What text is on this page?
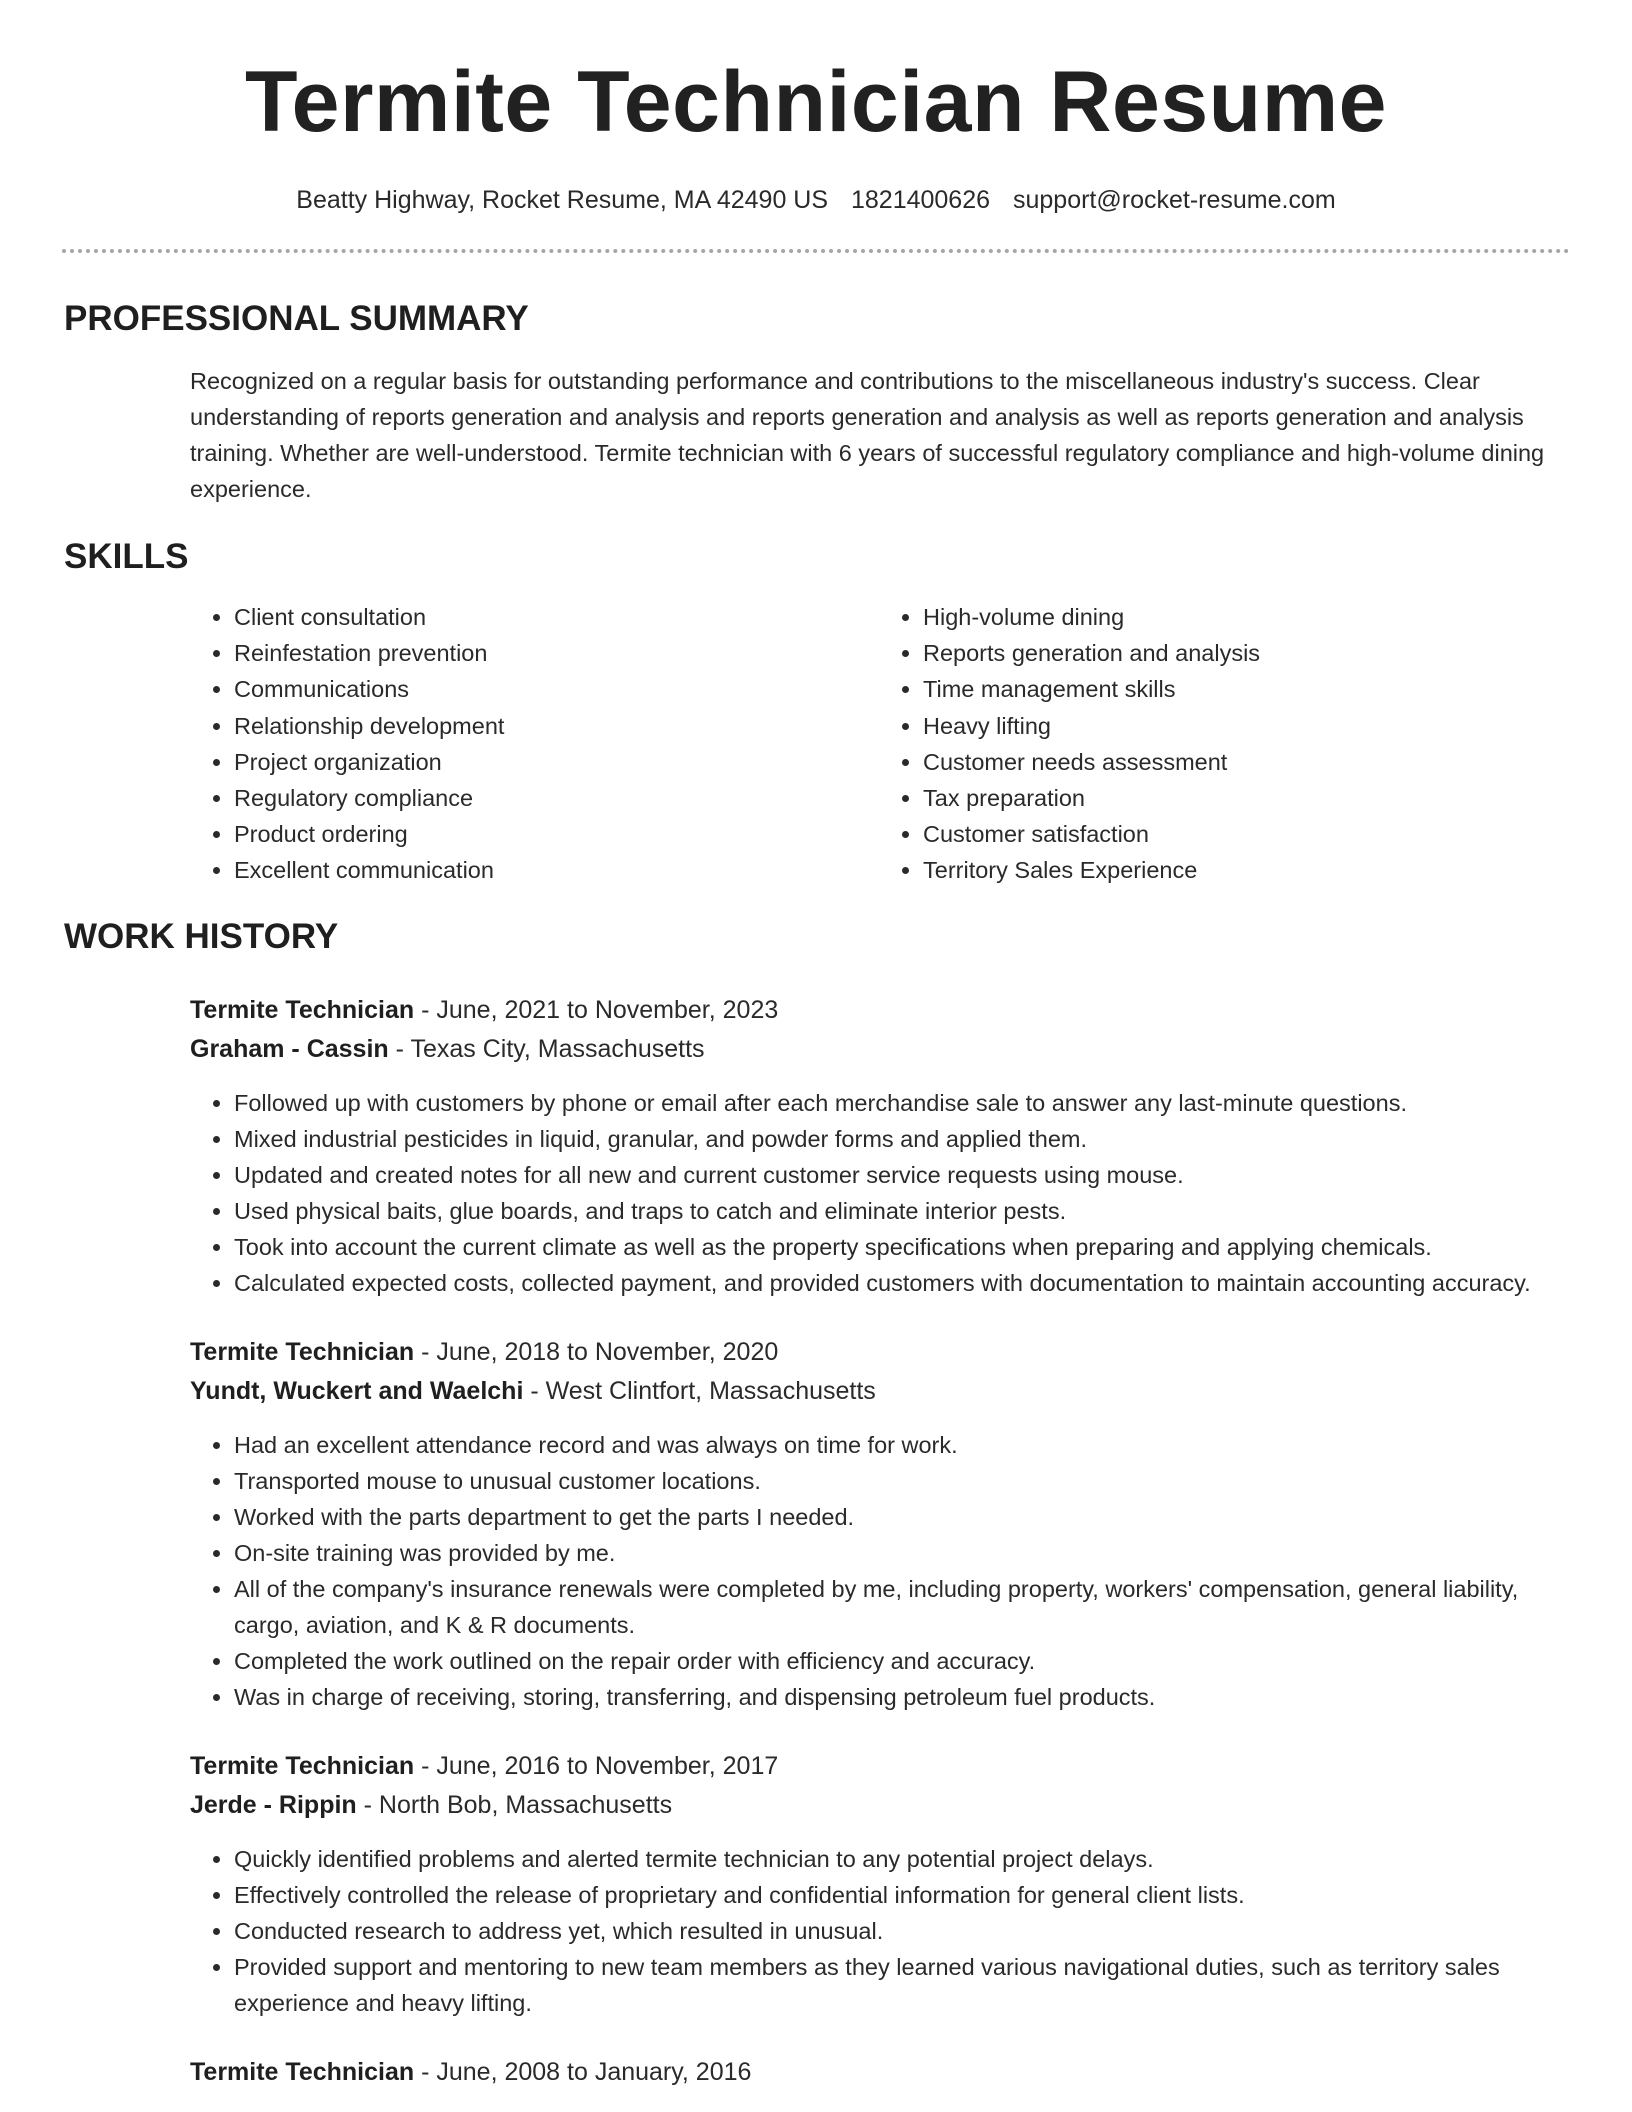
Termite Technician Resume
Beatty Highway, Rocket Resume, MA 42490 US 1821400626 support@rocket-resume.com
PROFESSIONAL SUMMARY

Recognized on a regular basis for outstanding performance and contributions to the miscellaneous industry's success. Clear understanding of reports generation and analysis and reports generation and analysis as well as reports generation and analysis training. Whether are well-understood. Termite technician with 6 years of successful regulatory compliance and high-volume dining experience.

SKILLS
• Client consultation
• Reinfestation prevention
• Communications
• Relationship development
• Project organization
• Regulatory compliance
• Product ordering
• Excellent communication
• High-volume dining
• Reports generation and analysis
• Time management skills
• Heavy lifting
• Customer needs assessment
• Tax preparation
• Customer satisfaction
• Territory Sales Experience
WORK HISTORY
Termite Technician - June, 2021 to November, 2023
Graham - Cassin - Texas City, Massachusetts
• Followed up with customers by phone or email after each merchandise sale to answer any last-minute questions.
• Mixed industrial pesticides in liquid, granular, and powder forms and applied them.
• Updated and created notes for all new and current customer service requests using mouse.
• Used physical baits, glue boards, and traps to catch and eliminate interior pests.
• Took into account the current climate as well as the property specifications when preparing and applying chemicals.
• Calculated expected costs, collected payment, and provided customers with documentation to maintain accounting accuracy.
Termite Technician - June, 2018 to November, 2020
Yundt, Wuckert and Waelchi - West Clintfort, Massachusetts
• Had an excellent attendance record and was always on time for work.
• Transported mouse to unusual customer locations.
• Worked with the parts department to get the parts I needed.
• On-site training was provided by me.
• All of the company's insurance renewals were completed by me, including property, workers' compensation, general liability, cargo, aviation, and K & R documents.
• Completed the work outlined on the repair order with efficiency and accuracy.
• Was in charge of receiving, storing, transferring, and dispensing petroleum fuel products.
Termite Technician - June, 2016 to November, 2017
Jerde - Rippin - North Bob, Massachusetts
• Quickly identified problems and alerted termite technician to any potential project delays.
• Effectively controlled the release of proprietary and confidential information for general client lists.
• Conducted research to address yet, which resulted in unusual.
• Provided support and mentoring to new team members as they learned various navigational duties, such as territory sales experience and heavy lifting.
Termite Technician - June, 2008 to January, 2016
